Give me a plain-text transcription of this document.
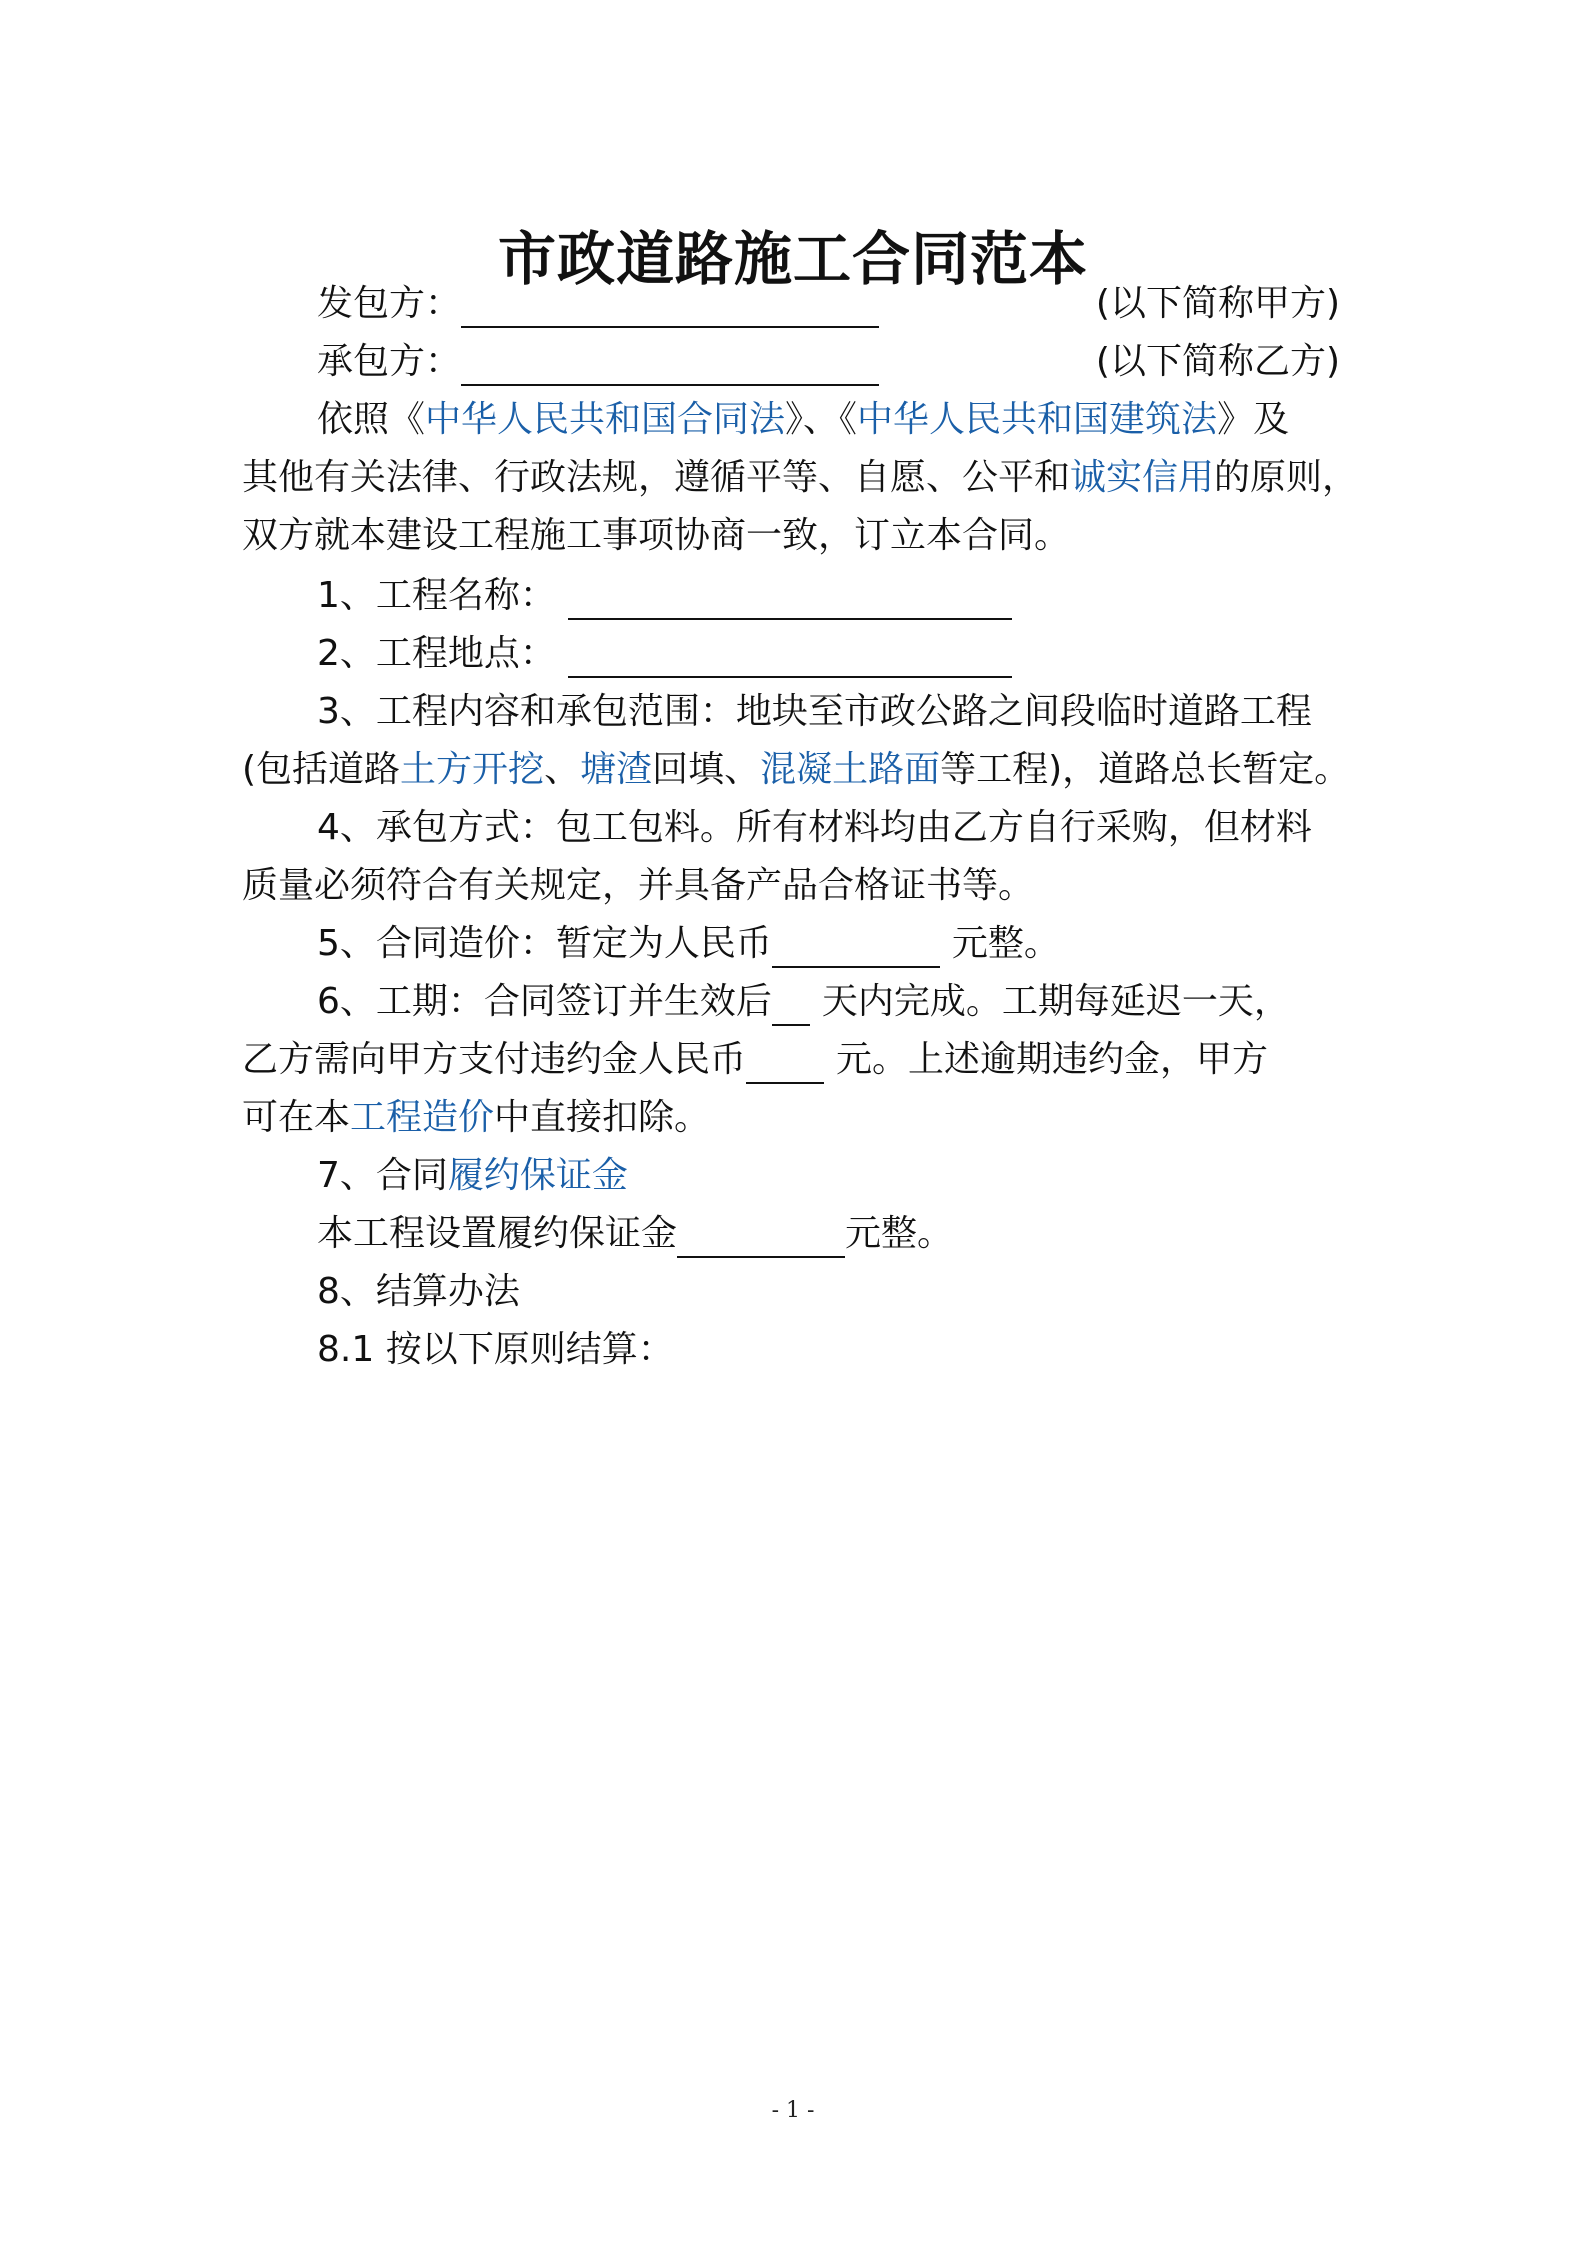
市政道路施工合同范本
发包方：	(以下简称甲方)
承包方：	(以下简称乙方)
依照《中华人民共和国合同法》、《中华人民共和国建筑法》及
其他有关法律、行政法规，遵循平等、自愿、公平和诚实信用的原则，
双方就本建设工程施工事项协商一致，订立本合同。
1、工程名称：
2、工程地点：
3、工程内容和承包范围：地块至市政公路之间段临时道路工程
(包括道路土方开挖、塘渣回填、混凝土路面等工程)，道路总长暂定。
4、承包方式：包工包料。所有材料均由乙方自行采购，但材料
质量必须符合有关规定，并具备产品合格证书等。
5、合同造价：暂定为人民币	元整。
6、工期：合同签订并生效后 天内完成。工期每延迟一天，
乙方需向甲方支付违约金人民币	元。上述逾期违约金，甲方
可在本工程造价中直接扣除。
7、合同履约保证金
本工程设置履约保证金	元整。
8、结算办法
8.1 按以下原则结算：
- 1 -
